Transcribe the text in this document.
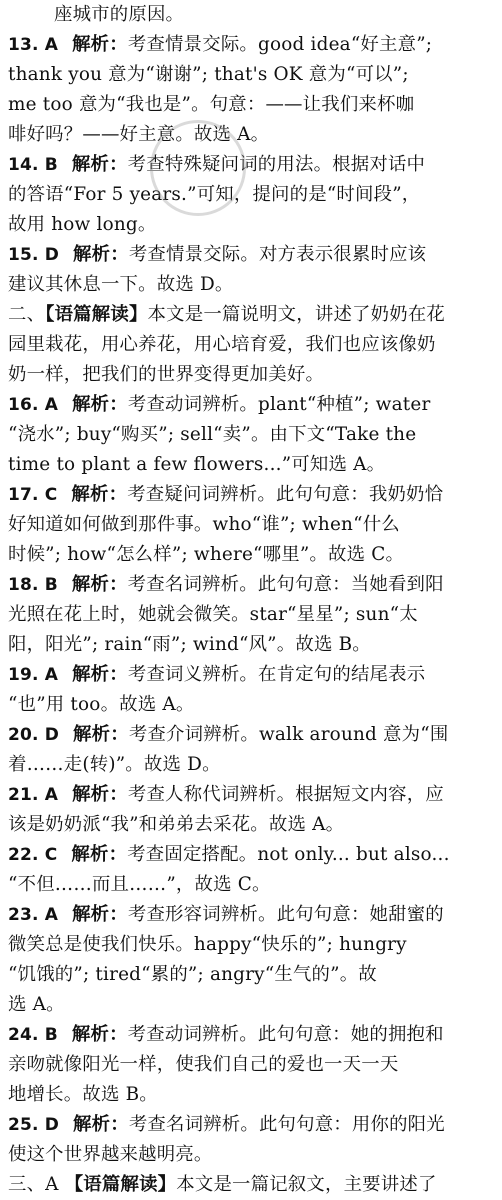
座城市的原因。
13. A 解析：考查情景交际。good idea“好主意”;
thank you 意为“谢谢”; that's OK 意为“可以”;
me too 意为“我也是”。句意：——让我们来杯咖
啡好吗？——好主意。故选 A。
14. B 解析：考查特殊疑问词的用法。根据对话中
的答语“For 5 years.”可知，提问的是“时间段”，
故用 how long。
15. D 解析：考查情景交际。对方表示很累时应该
建议其休息一下。故选 D。
二、【语篇解读】本文是一篇说明文，讲述了奶奶在花
园里栽花，用心养花，用心培育爱，我们也应该像奶
奶一样，把我们的世界变得更加美好。
16. A 解析：考查动词辨析。plant“种植”; water
“浇水”; buy“购买”; sell“卖”。由下文“Take the
time to plant a few flowers...”可知选 A。
17. C 解析：考查疑问词辨析。此句句意：我奶奶恰
好知道如何做到那件事。who“谁”; when“什么
时候”; how“怎么样”; where“哪里”。故选 C。
18. B 解析：考查名词辨析。此句句意：当她看到阳
光照在花上时，她就会微笑。star“星星”; sun“太
阳，阳光”; rain“雨”; wind“风”。故选 B。
19. A 解析：考查词义辨析。在肯定句的结尾表示
“也”用 too。故选 A。
20. D 解析：考查介词辨析。walk around 意为“围
着……走(转)”。故选 D。
21. A 解析：考查人称代词辨析。根据短文内容，应
该是奶奶派“我”和弟弟去采花。故选 A。
22. C 解析：考查固定搭配。not only... but also...
“不但……而且……”，故选 C。
23. A 解析：考查形容词辨析。此句句意：她甜蜜的
微笑总是使我们快乐。happy“快乐的”; hungry
“饥饿的”; tired“累的”; angry“生气的”。故
选 A。
24. B 解析：考查动词辨析。此句句意：她的拥抱和
亲吻就像阳光一样，使我们自己的爱也一天一天
地增长。故选 B。
25. D 解析：考查名词辨析。此句句意：用你的阳光
使这个世界越来越明亮。
三、A 【语篇解读】本文是一篇记叙文，主要讲述了
